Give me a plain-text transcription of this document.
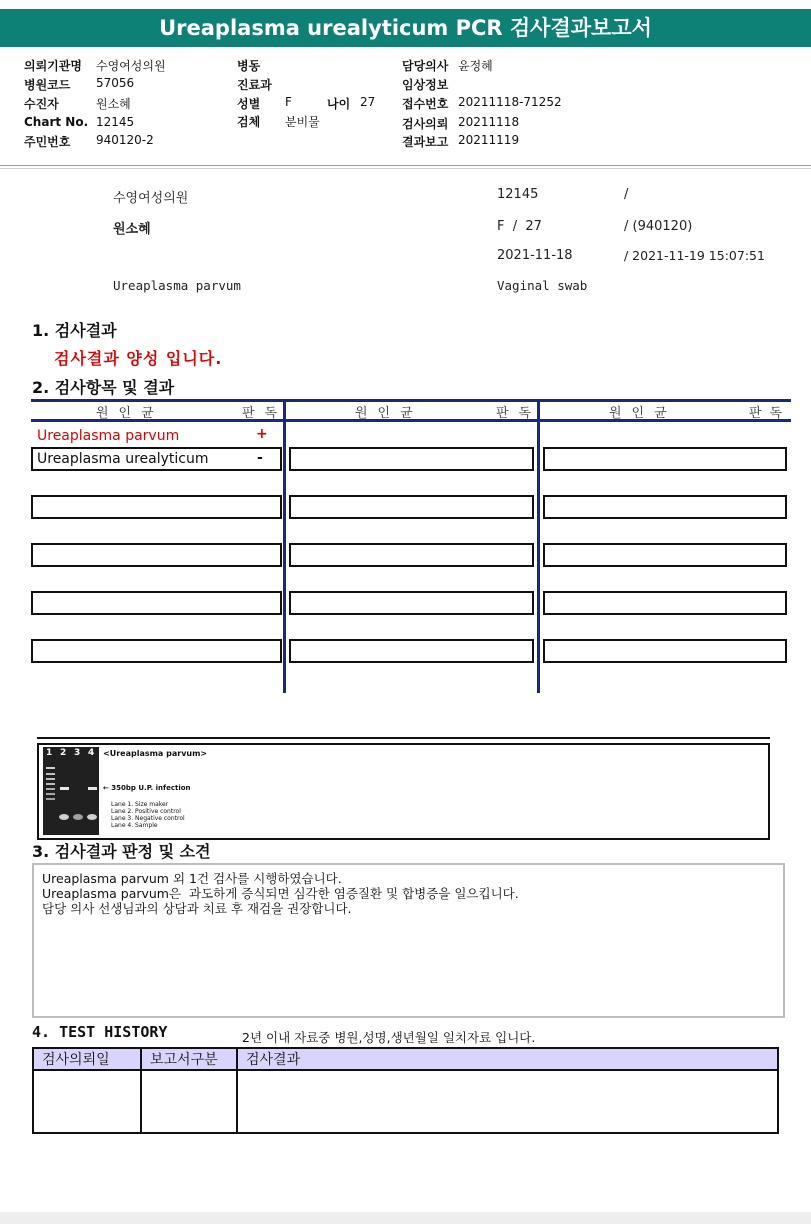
Ureaplasma urealyticum PCR 검사결과보고서
의뢰기관명 수영여성의원
병원코드 57056
수진자	원소혜
Chart No. 12145
주민번호 940120-2
병동
진료과
성별 F	나이 27
검체 분비물
담당의사 윤정혜
임상정보
접수번호 20211118-71252
검사의뢰 20211118
결과보고 20211119
수영여성의원	12145	/
원소혜	F  /  27	/ (940120)
2021-11-18	/ 2021-11-19 15:07:51
Ureaplasma parvum	Vaginal swab
1. 검사결과
검사결과 양성 입니다.
2. 검사항목 및 결과
원인균	판독	원인균	판독	원인균	판독
Ureaplasma parvum	+
Ureaplasma urealyticum	-
1 2 3 4 <Ureaplasma parvum>
← 350bp U.P. infection
Lane 1. Size maker
Lane 2. Positive control
Lane 3. Negative control
Lane 4. Sample
3. 검사결과 판정 및 소견
Ureaplasma parvum 외 1건 검사를 시행하였습니다.
Ureaplasma parvum은  과도하게 증식되면 심각한 염증질환 및 합병증을 일으킵니다.
담당 의사 선생님과의 상담과 치료 후 재검을 권장합니다.
4. TEST HISTORY	2년 이내 자료중 병원,성명,생년월일 일치자료 입니다.
검사의뢰일	보고서구분	검사결과
